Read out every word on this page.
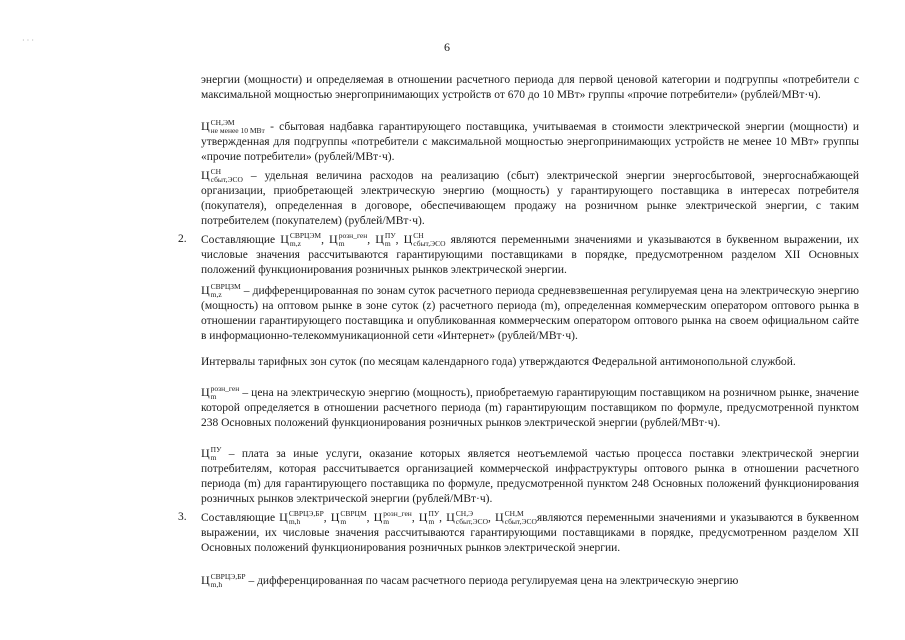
· · ·	6
энергии (мощности) и определяемая в отношении расчетного периода для первой ценовой категории и подгруппы «потребители с максимальной мощностью энергопринимающих устройств от 670 до 10 МВт» группы «прочие потребители» (рублей/МВт·ч).
Ц СН,ЭМ
не менее 10 МВт - сбытовая надбавка гарантирующего поставщика, учитываемая в стоимости электрической энергии (мощности) и утвержденная для подгруппы «потребители с максимальной мощностью энергопринимающих устройств не менее 10 МВт» группы «прочие потребители» (рублей/МВт·ч).
Ц СН
сбыт,ЭСО – удельная величина расходов на реализацию (сбыт) электрической энергии энергосбытовой, энергоснабжающей организации, приобретающей электрическую энергию (мощность) у гарантирующего поставщика в интересах потребителя (покупателя), определенная в договоре, обеспечивающем продажу на розничном рынке электрической энергии, с таким потребителем (покупателем) (рублей/МВт·ч).
2. Составляющие Ц СВРЦЭМ
m,z	, Ц розн_ген
m	, Ц ПУ
m , Ц СН
сбыт,ЭСО являются переменными значениями и указываются в буквенном выражении, их числовые значения рассчитываются гарантирующими поставщиками в порядке, предусмотренном разделом XII Основных положений функционирования розничных рынков электрической энергии.
Ц СВРЦЗМ
m,z	– дифференцированная по зонам суток расчетного периода средневзвешенная регулируемая цена на электрическую энергию (мощность) на оптовом рынке в зоне суток (z) расчетного периода (m), определенная коммерческим оператором оптового рынка в отношении гарантирующего поставщика и опубликованная коммерческим оператором оптового рынка на своем официальном сайте в информационно-телекоммуникационной сети «Интернет» (рублей/МВт·ч).
Интервалы тарифных зон суток (по месяцам календарного года) утверждаются Федеральной антимонопольной службой.
Ц розн_ген
m	– цена на электрическую энергию (мощность), приобретаемую гарантирующим поставщиком на розничном рынке, значение которой определяется в отношении расчетного периода (m) гарантирующим поставщиком по формуле, предусмотренной пунктом 238 Основных положений функционирования розничных рынков электрической энергии (рублей/МВт·ч).
Ц ПУ
m – плата за иные услуги, оказание которых является неотъемлемой частью процесса поставки электрической энергии потребителям, которая рассчитывается организацией коммерческой инфраструктуры оптового рынка в отношении расчетного периода (m) для гарантирующего поставщика по формуле, предусмотренной пунктом 248 Основных положений функционирования розничных рынков электрической энергии (рублей/МВт·ч).
3. Составляющие Ц СВРЦЭ,БР
m,h	, Ц СВРЦМ
m	, Ц розн_ген
m	, Ц ПУ
m , Ц СН,Э
сбыт,ЭСО , Ц СН,М
сбыт,ЭСО являются переменными значениями и указываются в буквенном выражении, их числовые значения рассчитываются гарантирующими поставщиками в порядке, предусмотренном разделом XII Основных положений функционирования розничных рынков электрической энергии.
Ц СВРЦЭ,БР
m,h	– дифференцированная по часам расчетного периода регулируемая цена на электрическую энергию
